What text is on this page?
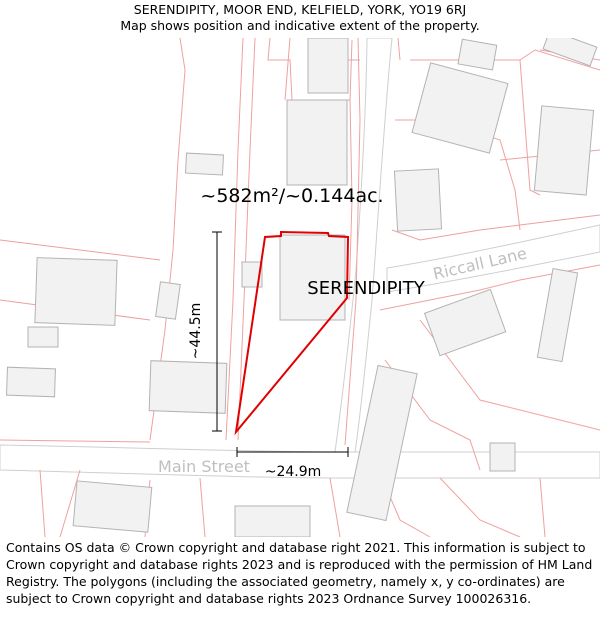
SERENDIPITY, MOOR END, KELFIELD, YORK, YO19 6RJ
Map shows position and indicative extent of the property.
~582m²/~0.144ac.
SERENDIPITY
Riccall Lane
Main Street
~44.5m
~24.9m
Contains OS data © Crown copyright and database right 2021. This information is subject to Crown copyright and database rights 2023 and is reproduced with the permission of HM Land Registry. The polygons (including the associated geometry, namely x, y co-ordinates) are subject to Crown copyright and database rights 2023 Ordnance Survey 100026316.
